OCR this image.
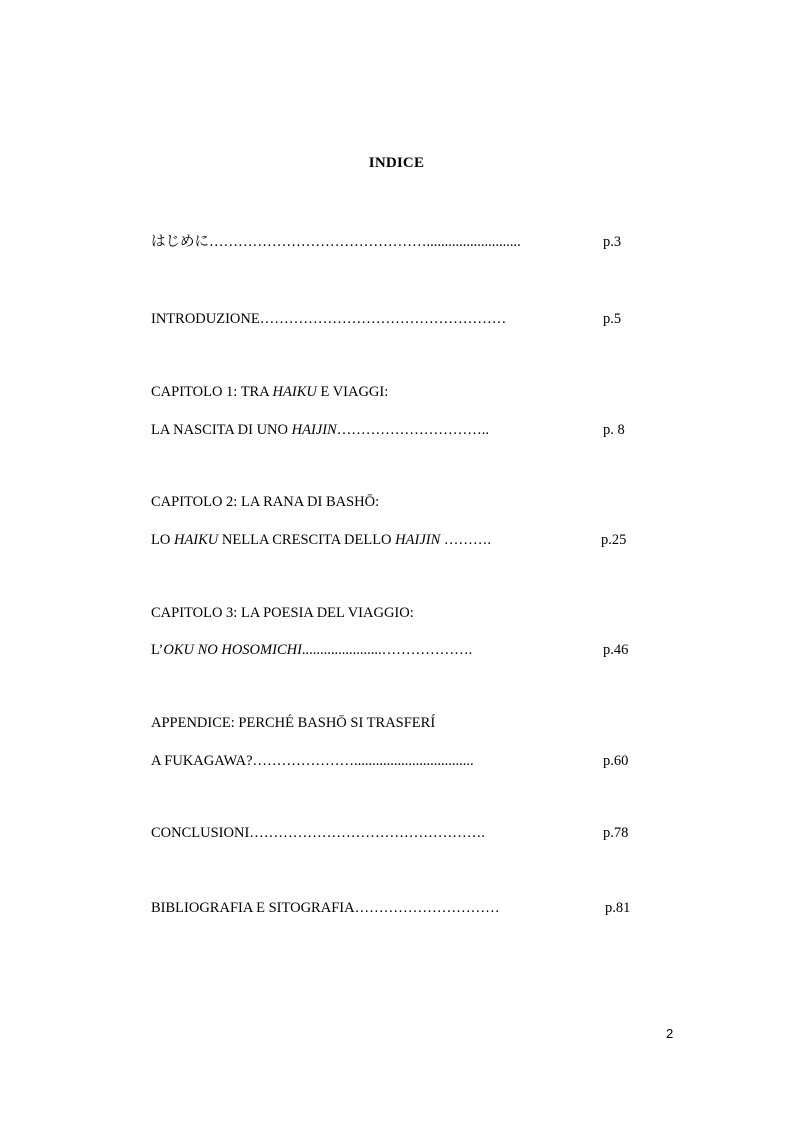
INDICE
はじめに………………………………………..........................	p.3
INTRODUZIONE……………………………………………	p.5
CAPITOLO 1: TRA HAIKU E VIAGGI:
LA NASCITA DI UNO HAIJIN…………………………..	p. 8
CAPITOLO 2: LA RANA DI BASHŌ:
LO HAIKU NELLA CRESCITA DELLO HAIJIN ……….	p.25
CAPITOLO 3: LA POESIA DEL VIAGGIO:
L’OKU NO HOSOMICHI......................……………….	p.46
APPENDICE: PERCHÉ BASHŌ SI TRASFERÍ
A FUKAGAWA?………………….................................	p.60
CONCLUSIONI………………………………………….	p.78
BIBLIOGRAFIA E SITOGRAFIA…………………………	p.81
2
